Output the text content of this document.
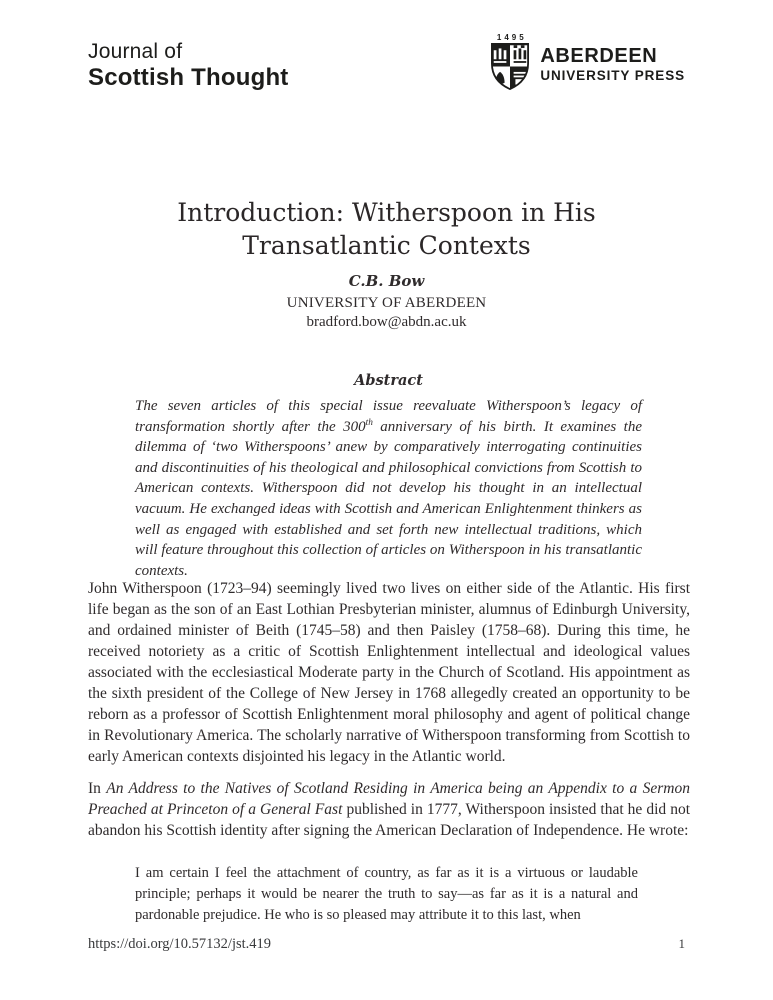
Journal of
Scottish Thought
1495
ABERDEEN
UNIVERSITY PRESS
Introduction: Witherspoon in His
Transatlantic Contexts
C.B. Bow
UNIVERSITY OF ABERDEEN
bradford.bow@abdn.ac.uk
Abstract
The seven articles of this special issue reevaluate Witherspoon’s legacy of transformation shortly after the 300th anniversary of his birth. It examines the dilemma of ‘two Witherspoons’ anew by comparatively interrogating continuities and discontinuities of his theological and philosophical convictions from Scottish to American contexts. Witherspoon did not develop his thought in an intellectual vacuum. He exchanged ideas with Scottish and American Enlightenment thinkers as well as engaged with established and set forth new intellectual traditions, which will feature throughout this collection of articles on Witherspoon in his transatlantic contexts.

John Witherspoon (1723–94) seemingly lived two lives on either side of the Atlantic. His first life began as the son of an East Lothian Presbyterian minister, alumnus of Edinburgh University, and ordained minister of Beith (1745–58) and then Paisley (1758–68). During this time, he received notoriety as a critic of Scottish Enlightenment intellectual and ideological values associated with the ecclesiastical Moderate party in the Church of Scotland. His appointment as the sixth president of the College of New Jersey in 1768 allegedly created an opportunity to be reborn as a professor of Scottish Enlightenment moral philosophy and agent of political change in Revolutionary America. The scholarly narrative of Witherspoon transforming from Scottish to early American contexts disjointed his legacy in the Atlantic world.

In An Address to the Natives of Scotland Residing in America being an Appendix to a Sermon Preached at Princeton of a General Fast published in 1777, Witherspoon insisted that he did not abandon his Scottish identity after signing the American Declaration of Independence. He wrote:

I am certain I feel the attachment of country, as far as it is a virtuous or laudable principle; perhaps it would be nearer the truth to say—as far as it is a natural and pardonable prejudice. He who is so pleased may attribute it to this last, when
https://doi.org/10.57132/jst.419	1
